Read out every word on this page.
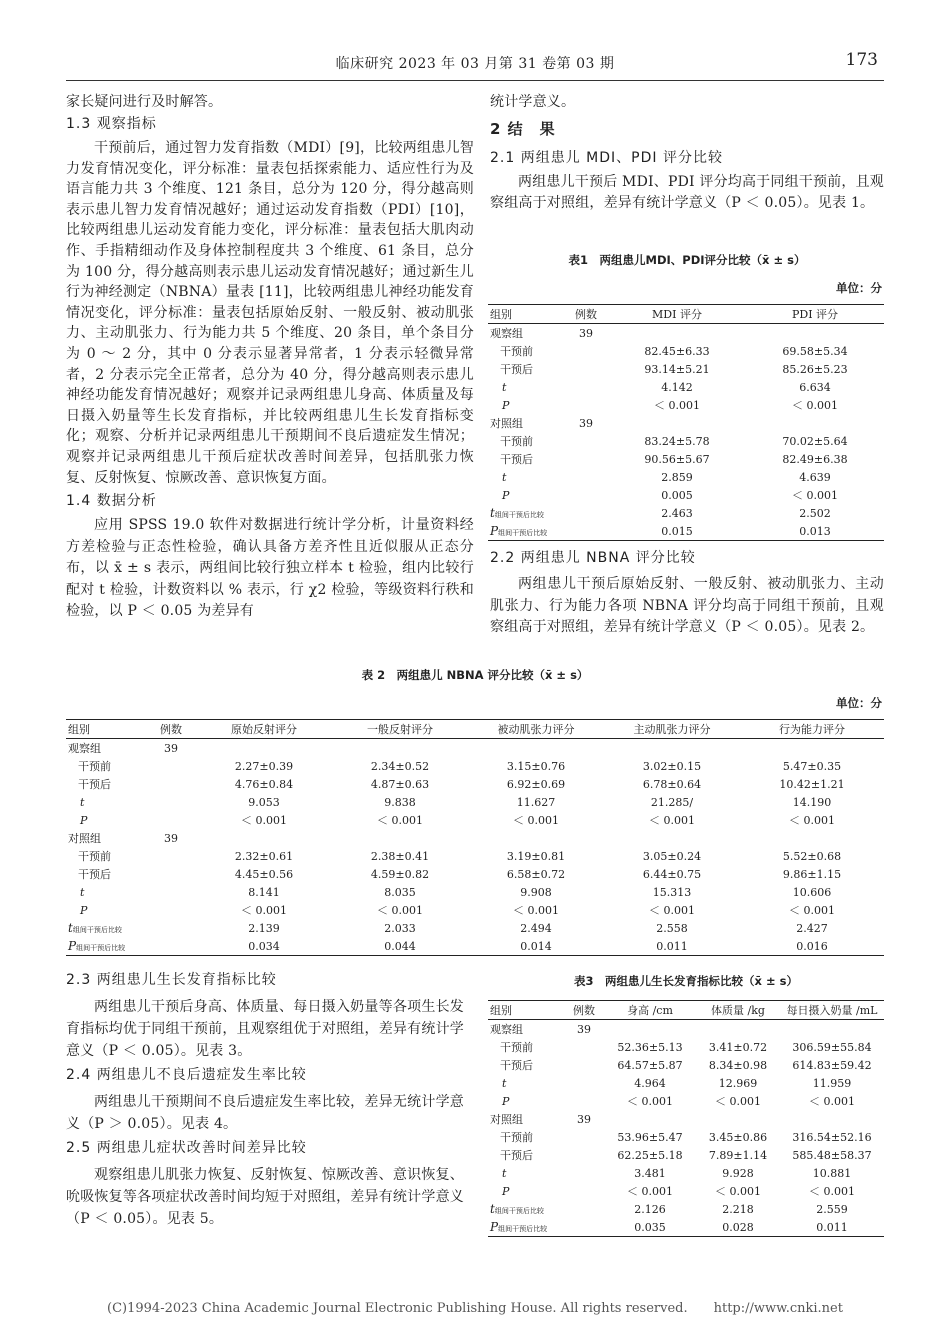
临床研究 2023 年 03 月第 31 卷第 03 期	173

家长疑问进行及时解答。

1.3 观察指标

干预前后，通过智力发育指数（MDI）[9]，比较两组患儿智力发育情况变化，评分标准：量表包括探索能力、适应性行为及语言能力共 3 个维度、121 条目，总分为 120 分，得分越高则表示患儿智力发育情况越好；通过运动发育指数（PDI）[10]，比较两组患儿运动发育能力变化，评分标准：量表包括大肌肉动作、手指精细动作及身体控制程度共 3 个维度、61 条目，总分为 100 分，得分越高则表示患儿运动发育情况越好；通过新生儿行为神经测定（NBNA）量表 [11]，比较两组患儿神经功能发育情况变化，评分标准：量表包括原始反射、一般反射、被动肌张力、主动肌张力、行为能力共 5 个维度、20 条目，单个条目分为 0 ～ 2 分，其中 0 分表示显著异常者，1 分表示轻微异常者，2 分表示完全正常者，总分为 40 分，得分越高则表示患儿神经功能发育情况越好；观察并记录两组患儿身高、体质量及每日摄入奶量等生长发育指标，并比较两组患儿生长发育指标变化；观察、分析并记录两组患儿干预期间不良后遗症发生情况；观察并记录两组患儿干预后症状改善时间差异，包括肌张力恢复、反射恢复、惊厥改善、意识恢复方面。

1.4 数据分析

应用 SPSS 19.0 软件对数据进行统计学分析，计量资料经方差检验与正态性检验，确认具备方差齐性且近似服从正态分布，以 x̄ ± s 表示，两组间比较行独立样本 t 检验，组内比较行配对 t 检验，计数资料以 % 表示，行 χ2 检验，等级资料行秩和检验，以 P ＜ 0.05 为差异有

统计学意义。

2 结　果
2.1 两组患儿 MDI、PDI 评分比较

两组患儿干预后 MDI、PDI 评分均高于同组干预前，且观察组高于对照组，差异有统计学意义（P ＜ 0.05）。见表 1。

表1　两组患儿MDI、PDI评分比较（x̄ ± s）
单位：分
组别	例数	MDI 评分	PDI 评分
观察组	39		
干预前		82.45±6.33	69.58±5.34
干预后		93.14±5.21	85.26±5.23
t		4.142	6.634
P		＜ 0.001	＜ 0.001
对照组	39		
干预前		83.24±5.78	70.02±5.64
干预后		90.56±5.67	82.49±6.38
t		2.859	4.639
P		0.005	＜ 0.001
t组间干预后比较		2.463	2.502
P组间干预后比较		0.015	0.013
2.2 两组患儿 NBNA 评分比较

两组患儿干预后原始反射、一般反射、被动肌张力、主动肌张力、行为能力各项 NBNA 评分均高于同组干预前，且观察组高于对照组，差异有统计学意义（P ＜ 0.05）。见表 2。

表 2　两组患儿 NBNA 评分比较（x̄ ± s）
单位：分
组别	例数	原始反射评分	一般反射评分	被动肌张力评分	主动肌张力评分	行为能力评分
观察组	39					
干预前		2.27±0.39	2.34±0.52	3.15±0.76	3.02±0.15	5.47±0.35
干预后		4.76±0.84	4.87±0.63	6.92±0.69	6.78±0.64	10.42±1.21
t		9.053	9.838	11.627	21.285/	14.190
P		＜ 0.001	＜ 0.001	＜ 0.001	＜ 0.001	＜ 0.001
对照组	39					
干预前		2.32±0.61	2.38±0.41	3.19±0.81	3.05±0.24	5.52±0.68
干预后		4.45±0.56	4.59±0.82	6.58±0.72	6.44±0.75	9.86±1.15
t		8.141	8.035	9.908	15.313	10.606
P		＜ 0.001	＜ 0.001	＜ 0.001	＜ 0.001	＜ 0.001
t组间干预后比较		2.139	2.033	2.494	2.558	2.427
P组间干预后比较		0.034	0.044	0.014	0.011	0.016
2.3 两组患儿生长发育指标比较

两组患儿干预后身高、体质量、每日摄入奶量等各项生长发育指标均优于同组干预前，且观察组优于对照组，差异有统计学意义（P ＜ 0.05）。见表 3。

2.4 两组患儿不良后遗症发生率比较

两组患儿干预期间不良后遗症发生率比较，差异无统计学意义（P ＞ 0.05）。见表 4。

2.5 两组患儿症状改善时间差异比较

观察组患儿肌张力恢复、反射恢复、惊厥改善、意识恢复、吮吸恢复等各项症状改善时间均短于对照组，差异有统计学意义（P ＜ 0.05）。见表 5。

表3　两组患儿生长发育指标比较（x̄ ± s）
组别	例数	身高 /cm	体质量 /kg	每日摄入奶量 /mL
观察组	39			
干预前		52.36±5.13	3.41±0.72	306.59±55.84
干预后		64.57±5.87	8.34±0.98	614.83±59.42
t		4.964	12.969	11.959
P		＜ 0.001	＜ 0.001	＜ 0.001
对照组	39			
干预前		53.96±5.47	3.45±0.86	316.54±52.16
干预后		62.25±5.18	7.89±1.14	585.48±58.37
t		3.481	9.928	10.881
P		＜ 0.001	＜ 0.001	＜ 0.001
t组间干预后比较		2.126	2.218	2.559
P组间干预后比较		0.035	0.028	0.011
(C)1994-2023 China Academic Journal Electronic Publishing House. All rights reserved.　　http://www.cnki.net
